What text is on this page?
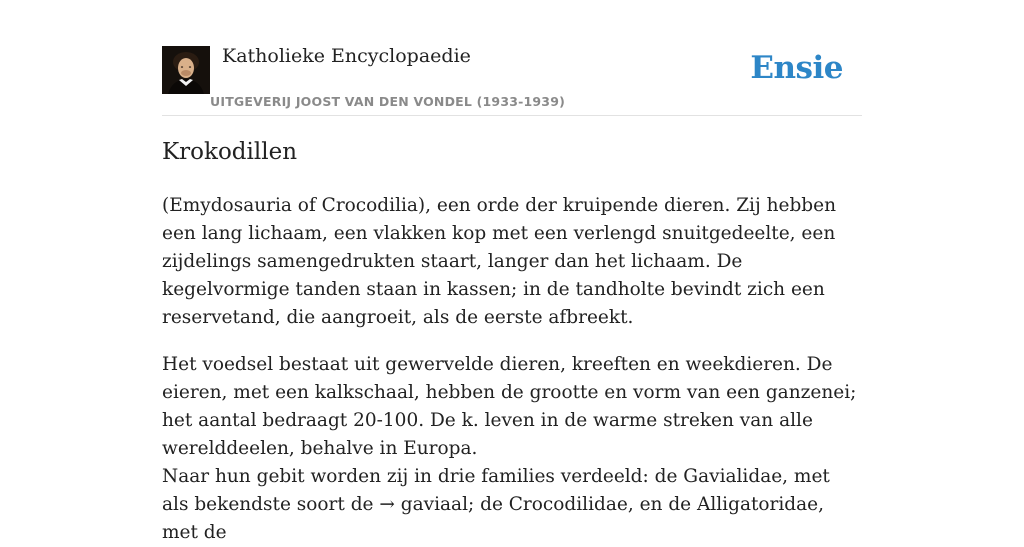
Katholieke Encyclopaedie
UITGEVERIJ JOOST VAN DEN VONDEL (1933-1939)
Ensie
Krokodillen

(Emydosauria of Crocodilia), een orde der kruipende dieren. Zij hebben een lang lichaam, een vlakken kop met een verlengd snuitgedeelte, een zijdelings samengedrukten staart, langer dan het lichaam. De kegelvormige tanden staan in kassen; in de tandholte bevindt zich een reservetand, die aangroeit, als de eerste afbreekt.

Het voedsel bestaat uit gewervelde dieren, kreeften en weekdieren. De eieren, met een kalkschaal, hebben de grootte en vorm van een ganzenei; het aantal bedraagt 20-100. De k. leven in de warme streken van alle werelddeelen, behalve in Europa.

Naar hun gebit worden zij in drie families verdeeld: de Gavialidae, met als bekendste soort de → gaviaal; de Crocodilidae, en de Alligatoridae, met de
